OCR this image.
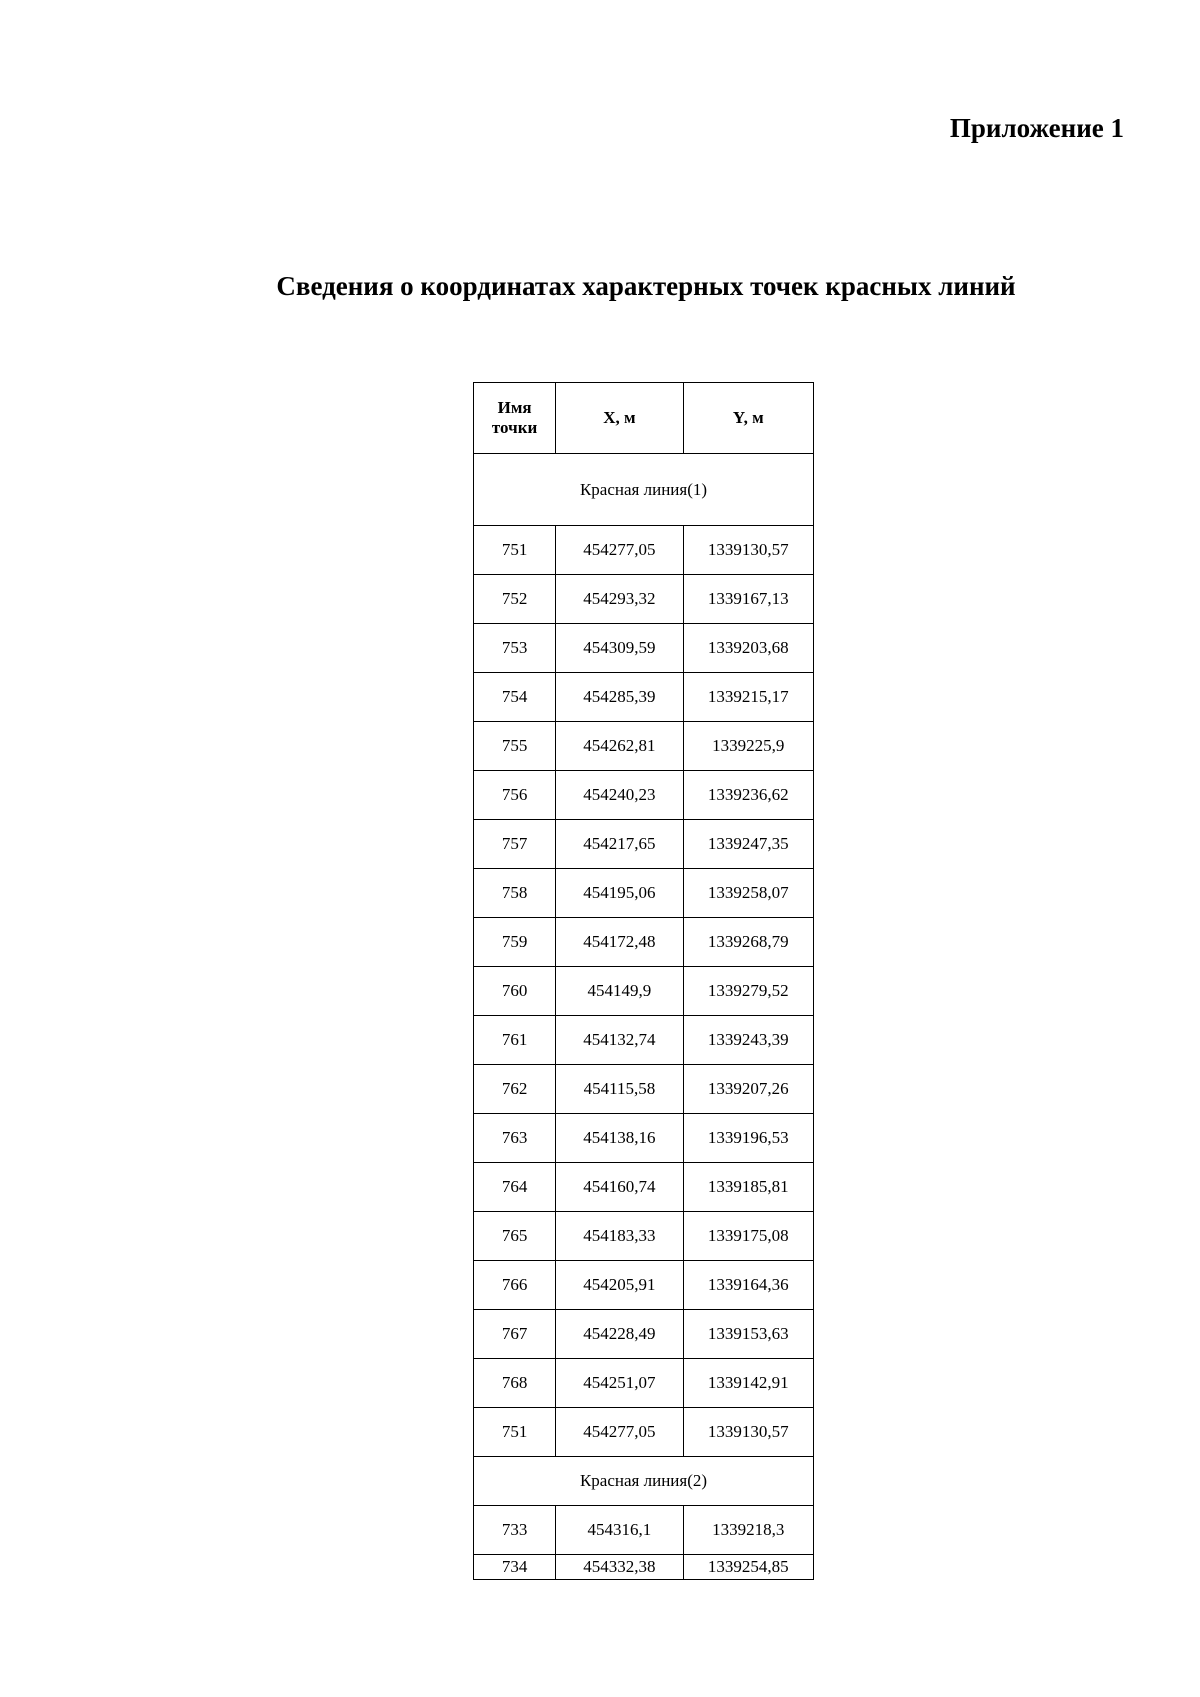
Приложение 1
Сведения о координатах характерных точек красных линий
Имя точки	X, м	Y, м
Красная линия(1)		
751	454277,05	1339130,57
752	454293,32	1339167,13
753	454309,59	1339203,68
754	454285,39	1339215,17
755	454262,81	1339225,9
756	454240,23	1339236,62
757	454217,65	1339247,35
758	454195,06	1339258,07
759	454172,48	1339268,79
760	454149,9	1339279,52
761	454132,74	1339243,39
762	454115,58	1339207,26
763	454138,16	1339196,53
764	454160,74	1339185,81
765	454183,33	1339175,08
766	454205,91	1339164,36
767	454228,49	1339153,63
768	454251,07	1339142,91
751	454277,05	1339130,57
Красная линия(2)		
733	454316,1	1339218,3
734	454332,38	1339254,85
